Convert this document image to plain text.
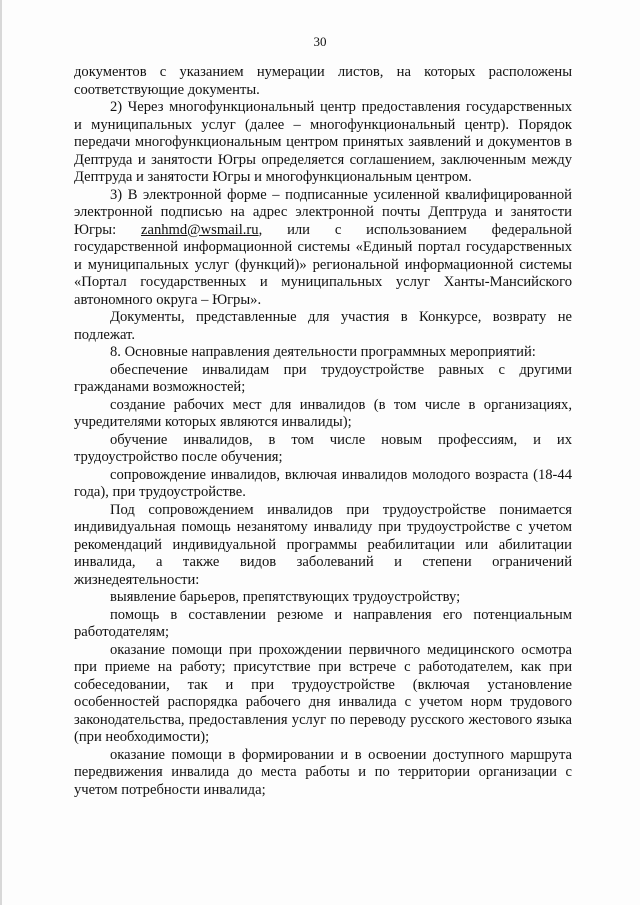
30

документов с указанием нумерации листов, на которых расположены соответствующие документы.

2) Через многофункциональный центр предоставления государственных и муниципальных услуг (далее – многофункциональный центр). Порядок передачи многофункциональным центром принятых заявлений и документов в Дептруда и занятости Югры определяется соглашением, заключенным между Дептруда и занятости Югры и многофункциональным центром.

3) В электронной форме – подписанные усиленной квалифицированной электронной подписью на адрес электронной почты Дептруда и занятости Югры: zanhmd@wsmail.ru, или с использованием федеральной государственной информационной системы «Единый портал государственных и муниципальных услуг (функций)» региональной информационной системы «Портал государственных и муниципальных услуг Ханты-Мансийского автономного округа – Югры».

Документы, представленные для участия в Конкурсе, возврату не подлежат.

8. Основные направления деятельности программных мероприятий:

обеспечение инвалидам при трудоустройстве равных с другими гражданами возможностей;

создание рабочих мест для инвалидов (в том числе в организациях, учредителями которых являются инвалиды);

обучение инвалидов, в том числе новым профессиям, и их трудоустройство после обучения;

сопровождение инвалидов, включая инвалидов молодого возраста (18-44 года), при трудоустройстве.

Под сопровождением инвалидов при трудоустройстве понимается индивидуальная помощь незанятому инвалиду при трудоустройстве с учетом рекомендаций индивидуальной программы реабилитации или абилитации инвалида, а также видов заболеваний и степени ограничений жизнедеятельности:

выявление барьеров, препятствующих трудоустройству;

помощь в составлении резюме и направления его потенциальным работодателям;

оказание помощи при прохождении первичного медицинского осмотра при приеме на работу; присутствие при встрече с работодателем, как при собеседовании, так и при трудоустройстве (включая установление особенностей распорядка рабочего дня инвалида с учетом норм трудового законодательства, предоставления услуг по переводу русского жестового языка (при необходимости);

оказание помощи в формировании и в освоении доступного маршрута передвижения инвалида до места работы и по территории организации с учетом потребности инвалида;
